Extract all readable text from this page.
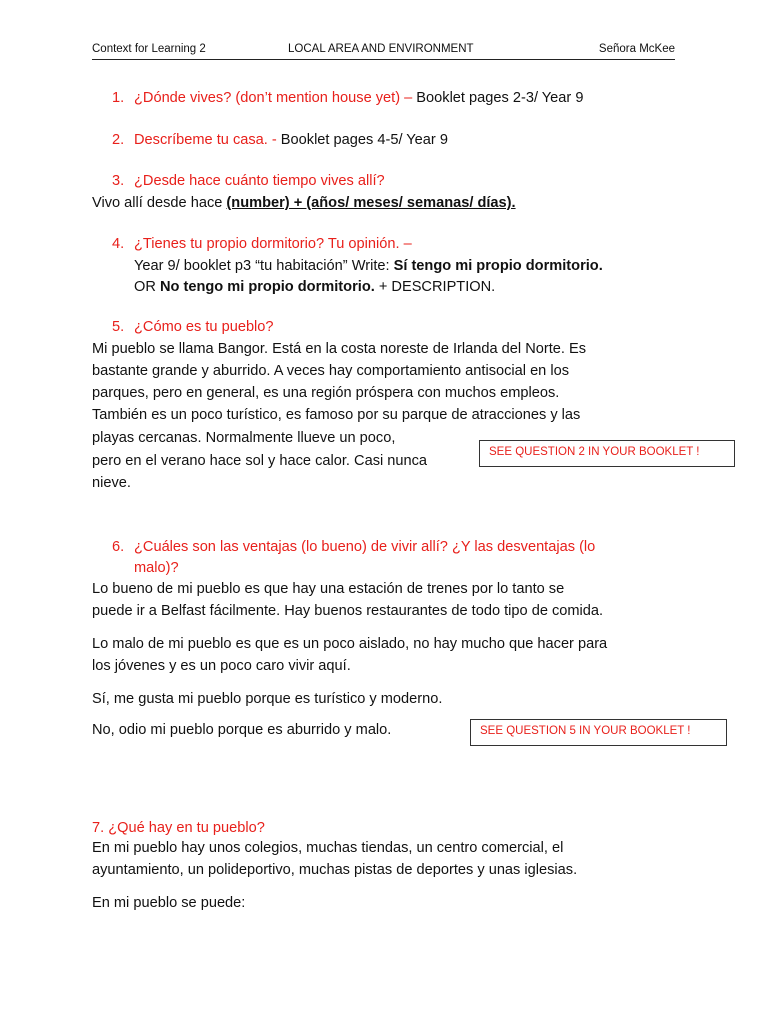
Context for Learning 2	LOCAL AREA AND ENVIRONMENT	Señora McKee

1. ¿Dónde vives? (don’t mention house yet) – Booklet pages 2-3/ Year 9

2. Descríbeme tu casa. - Booklet pages 4-5/ Year 9

3. ¿Desde hace cuánto tiempo vives allí?

Vivo allí desde hace (number) + (años/ meses/ semanas/ días).

4. ¿Tienes tu propio dormitorio? Tu opinión. –

Year 9/ booklet p3 “tu habitación” Write: Sí tengo mi propio dormitorio.

OR No tengo mi propio dormitorio. + DESCRIPTION.

5. ¿Cómo es tu pueblo?

Mi pueblo se llama Bangor. Está en la costa noreste de Irlanda del Norte. Es

bastante grande y aburrido. A veces hay comportamiento antisocial en los

parques, pero en general, es una región próspera con muchos empleos.

También es un poco turístico, es famoso por su parque de atracciones y las

playas cercanas. Normalmente llueve un poco,

pero en el verano hace sol y hace calor. Casi nunca

nieve.

SEE QUESTION 2 IN YOUR BOOKLET !

6. ¿Cuáles son las ventajas (lo bueno) de vivir allí? ¿Y las desventajas (lo

malo)?

Lo bueno de mi pueblo es que hay una estación de trenes por lo tanto se

puede ir a Belfast fácilmente. Hay buenos restaurantes de todo tipo de comida.

Lo malo de mi pueblo es que es un poco aislado, no hay mucho que hacer para

los jóvenes y es un poco caro vivir aquí.

Sí, me gusta mi pueblo porque es turístico y moderno.

No, odio mi pueblo porque es aburrido y malo.	SEE QUESTION 5 IN YOUR BOOKLET !

7. ¿Qué hay en tu pueblo?

En mi pueblo hay unos colegios, muchas tiendas, un centro comercial, el

ayuntamiento, un polideportivo, muchas pistas de deportes y unas iglesias.

En mi pueblo se puede:
